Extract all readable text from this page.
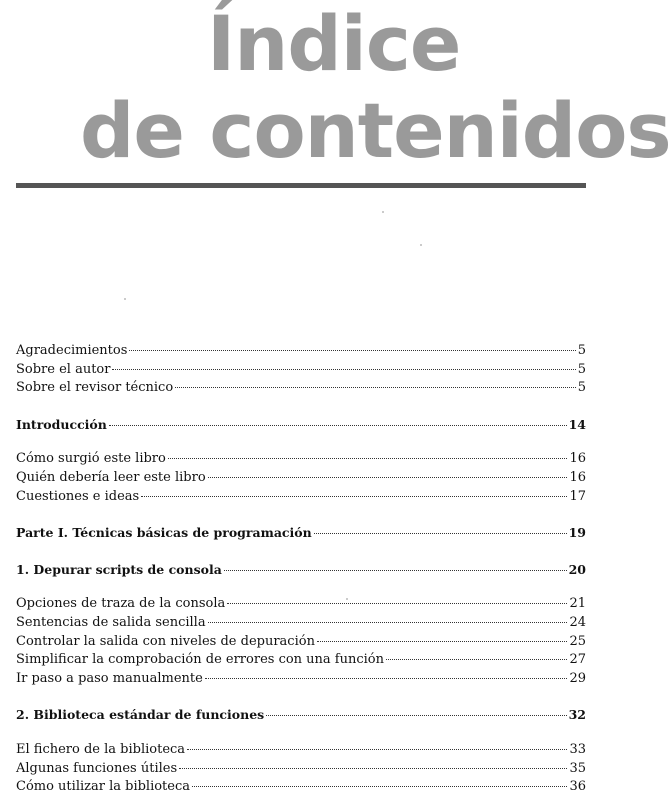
Índice
de contenidos
Agradecimientos	5
Sobre el autor	5
Sobre el revisor técnico	5
Introducción	14
Cómo surgió este libro	16
Quién debería leer este libro	16
Cuestiones e ideas	17
Parte I. Técnicas básicas de programación	19
1. Depurar scripts de consola	20
Opciones de traza de la consola	21
Sentencias de salida sencilla	24
Controlar la salida con niveles de depuración	25
Simplificar la comprobación de errores con una función	27
Ir paso a paso manualmente	29
2. Biblioteca estándar de funciones	32
El fichero de la biblioteca	33
Algunas funciones útiles	35
Cómo utilizar la biblioteca	36
